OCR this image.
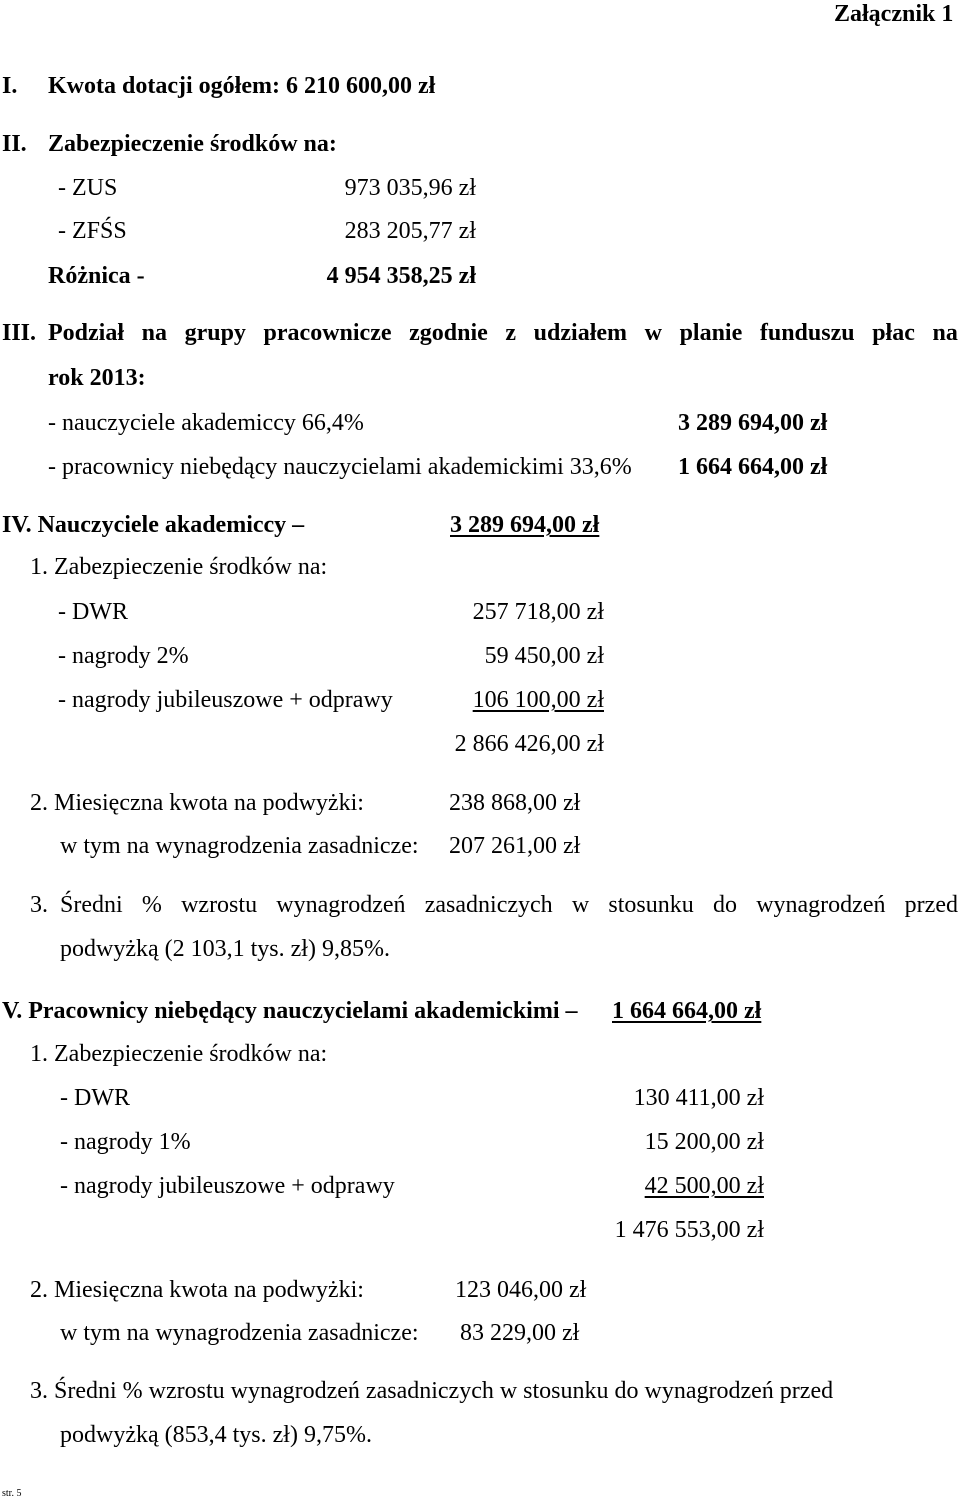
Załącznik 1
I. Kwota dotacji ogółem: 6 210 600,00 zł
II. Zabezpieczenie środków na:
- ZUS	973 035,96 zł
- ZFŚS	283 205,77 zł
Różnica -	4 954 358,25 zł
III. Podział na grupy pracownicze zgodnie z udziałem w planie funduszu płac na
rok 2013:
- nauczyciele akademiccy 66,4%	3 289 694,00 zł
- pracownicy niebędący nauczycielami akademickimi 33,6% 1 664 664,00 zł
IV. Nauczyciele akademiccy –	3 289 694,00 zł
1. Zabezpieczenie środków na:
- DWR	257 718,00 zł
- nagrody 2%	59 450,00 zł
- nagrody jubileuszowe + odprawy	106 100,00 zł
2 866 426,00 zł
2. Miesięczna kwota na podwyżki:	238 868,00 zł
w tym na wynagrodzenia zasadnicze: 207 261,00 zł
3. Średni % wzrostu wynagrodzeń zasadniczych w stosunku do wynagrodzeń przed
podwyżką (2 103,1 tys. zł) 9,85%.
V. Pracownicy niebędący nauczycielami akademickimi – 1 664 664,00 zł
1. Zabezpieczenie środków na:
- DWR	130 411,00 zł
- nagrody 1%	15 200,00 zł
- nagrody jubileuszowe + odprawy	42 500,00 zł
1 476 553,00 zł
2. Miesięczna kwota na podwyżki:	123 046,00 zł
w tym na wynagrodzenia zasadnicze: 83 229,00 zł
3. Średni % wzrostu wynagrodzeń zasadniczych w stosunku do wynagrodzeń przed
podwyżką (853,4 tys. zł) 9,75%.
str. 5
